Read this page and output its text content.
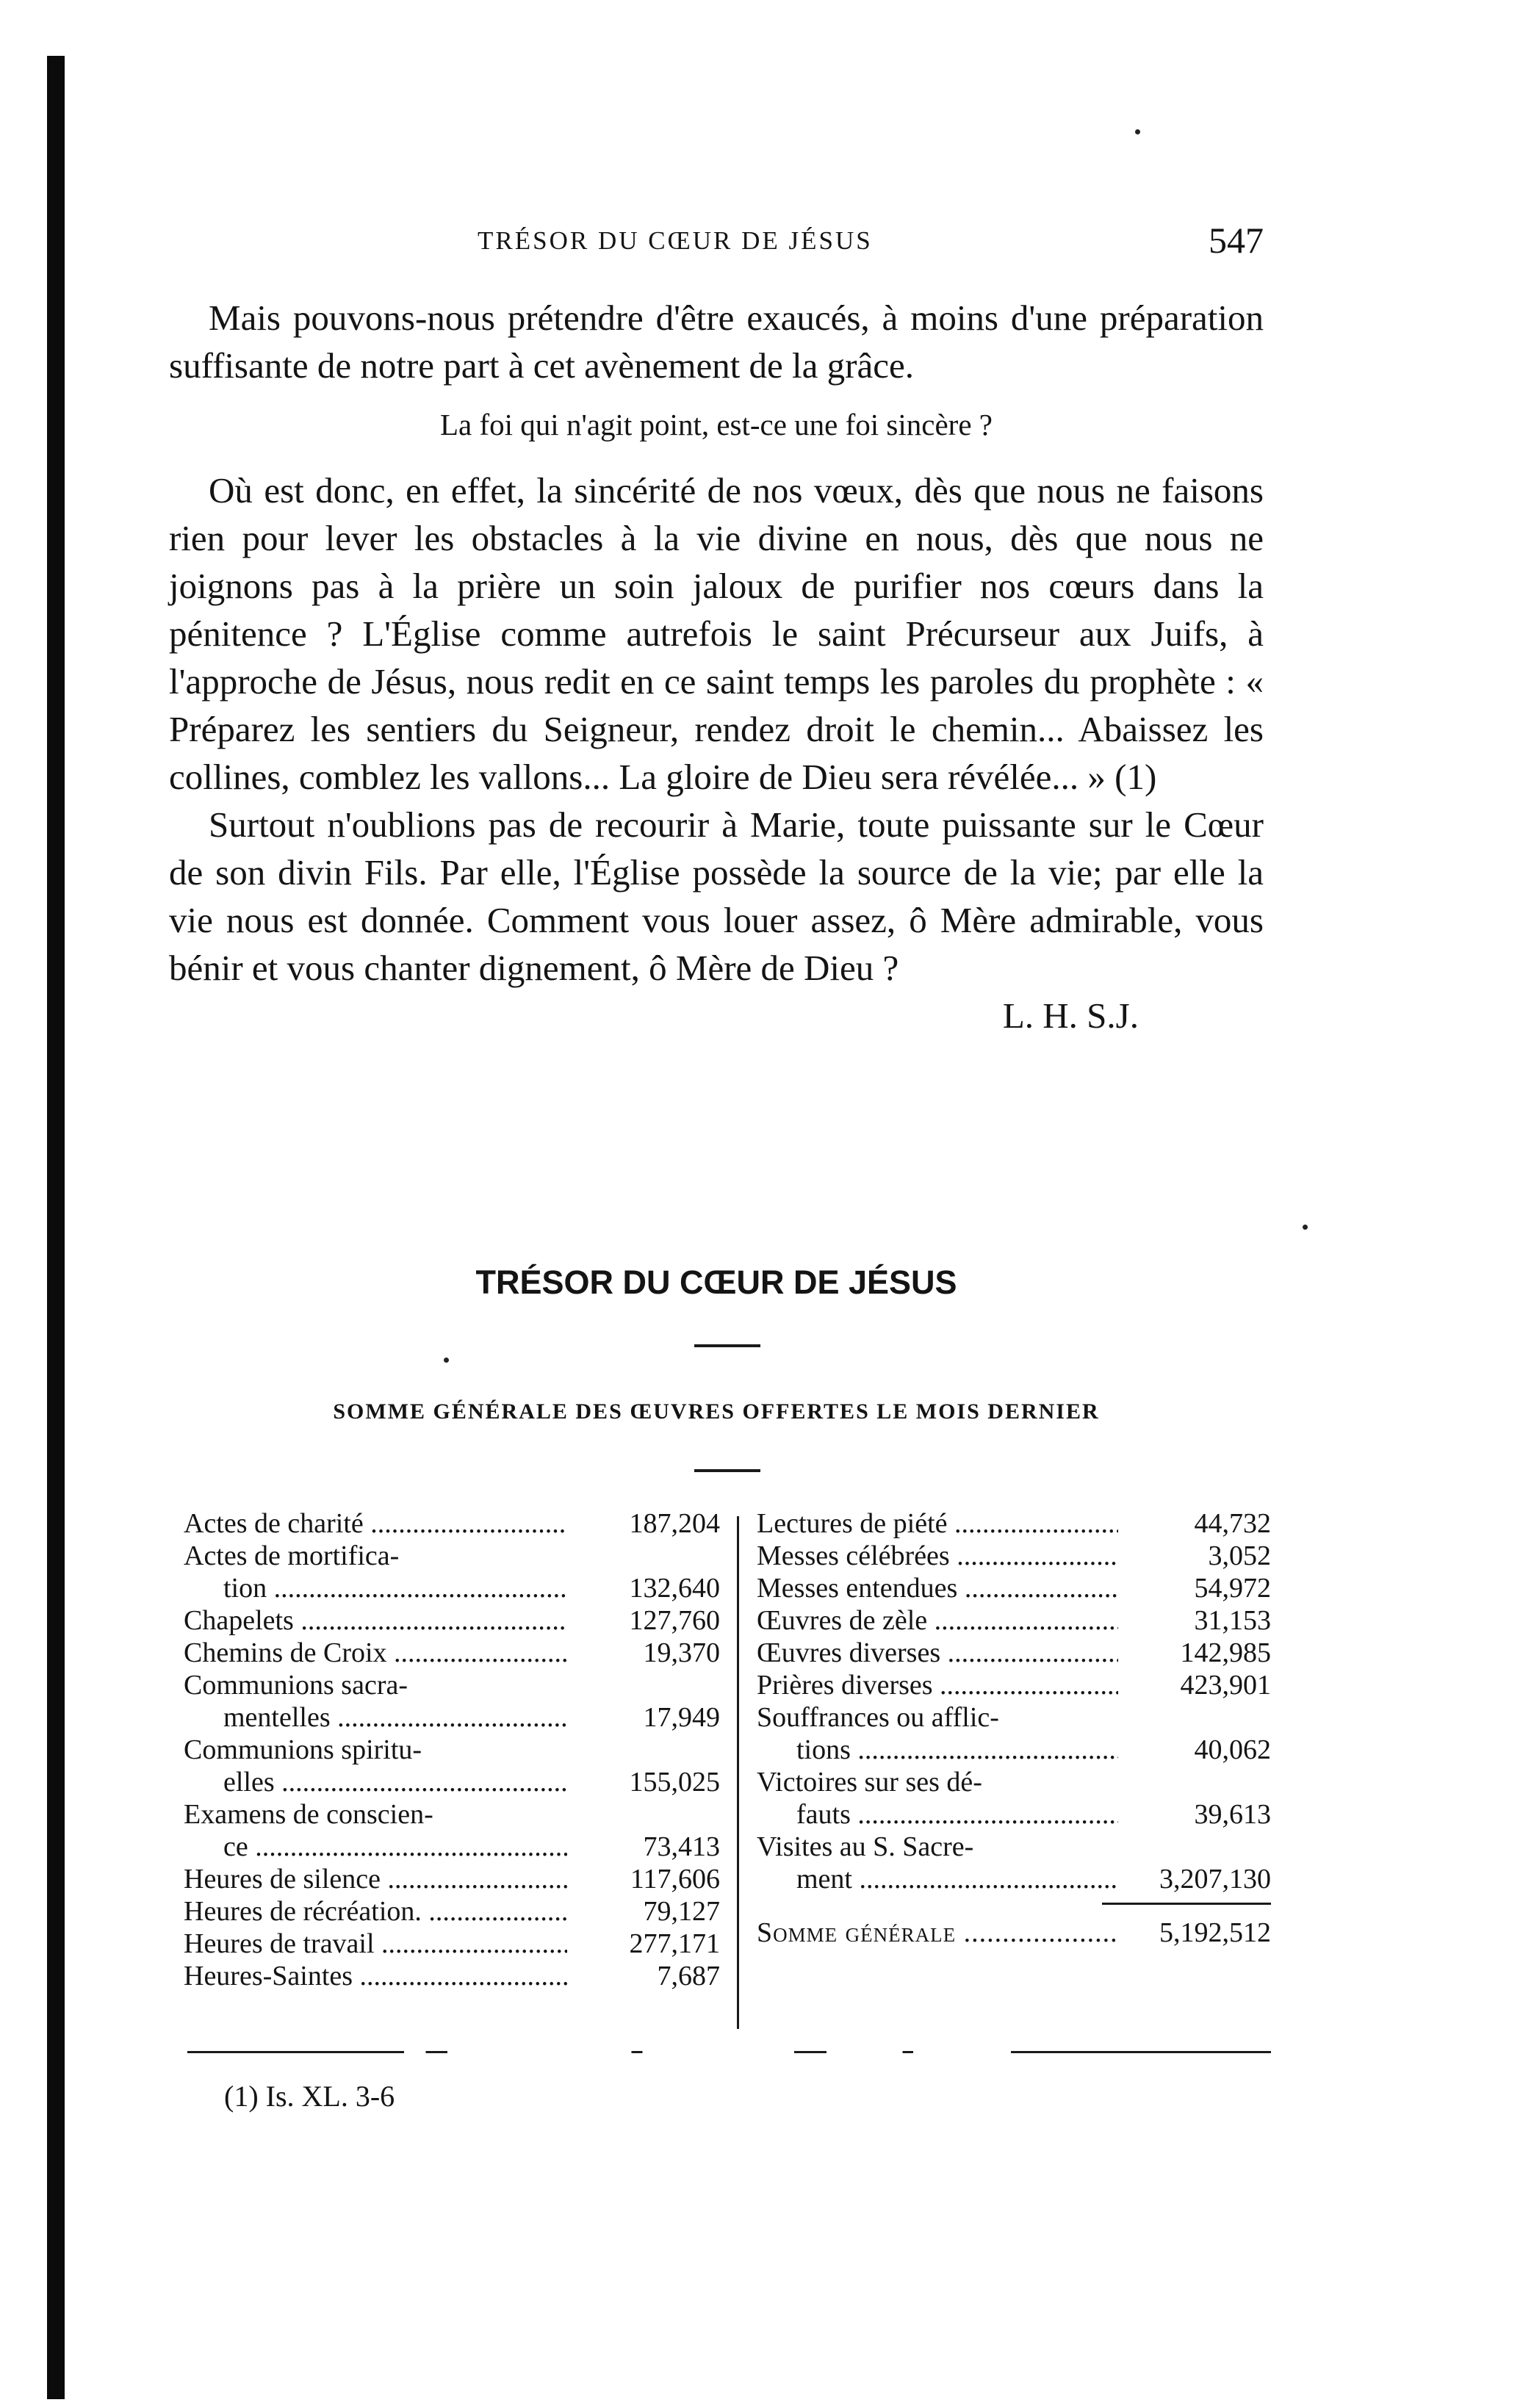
TRÉSOR DU CŒUR DE JÉSUS	547

Mais pouvons-nous prétendre d'être exaucés, à moins d'une préparation suffisante de notre part à cet avènement de la grâce.

La foi qui n'agit point, est-ce une foi sincère ?

Où est donc, en effet, la sincérité de nos vœux, dès que nous ne faisons rien pour lever les obstacles à la vie divine en nous, dès que nous ne joignons pas à la prière un soin jaloux de purifier nos cœurs dans la pénitence ? L'Église comme autrefois le saint Précurseur aux Juifs, à l'approche de Jésus, nous redit en ce saint temps les paroles du prophète : « Préparez les sentiers du Seigneur, rendez droit le chemin... Abaissez les collines, comblez les vallons... La gloire de Dieu sera révélée... » (1)

Surtout n'oublions pas de recourir à Marie, toute puissante sur le Cœur de son divin Fils. Par elle, l'Église possède la source de la vie; par elle la vie nous est donnée. Comment vous louer assez, ô Mère admirable, vous bénir et vous chanter dignement, ô Mère de Dieu ?

L. H. S.J.

TRÉSOR DU CŒUR DE JÉSUS
SOMME GÉNÉRALE DES ŒUVRES OFFERTES LE MOIS DERNIER
Actes de charité .....	187,204
Actes de mortifica-
tion .....	132,640
Chapelets .....	127,760
Chemins de Croix .....	19,370
Communions sacra-
mentelles .....	17,949
Communions spiritu-
elles .....	155,025
Examens de conscien-
ce .....	73,413
Heures de silence .....	117,606
Heures de récréation. .....	79,127
Heures de travail .....	277,171
Heures-Saintes .....	7,687
Lectures de piété .....	44,732
Messes célébrées .....	3,052
Messes entendues .....	54,972
Œuvres de zèle .....	31,153
Œuvres diverses .....	142,985
Prières diverses .....	423,901
Souffrances ou afflic-
tions .....	40,062
Victoires sur ses dé-
fauts .....	39,613
Visites au S. Sacre-
ment .....	3,207,130
Somme générale .....	5,192,512
(1) Is. XL. 3-6
